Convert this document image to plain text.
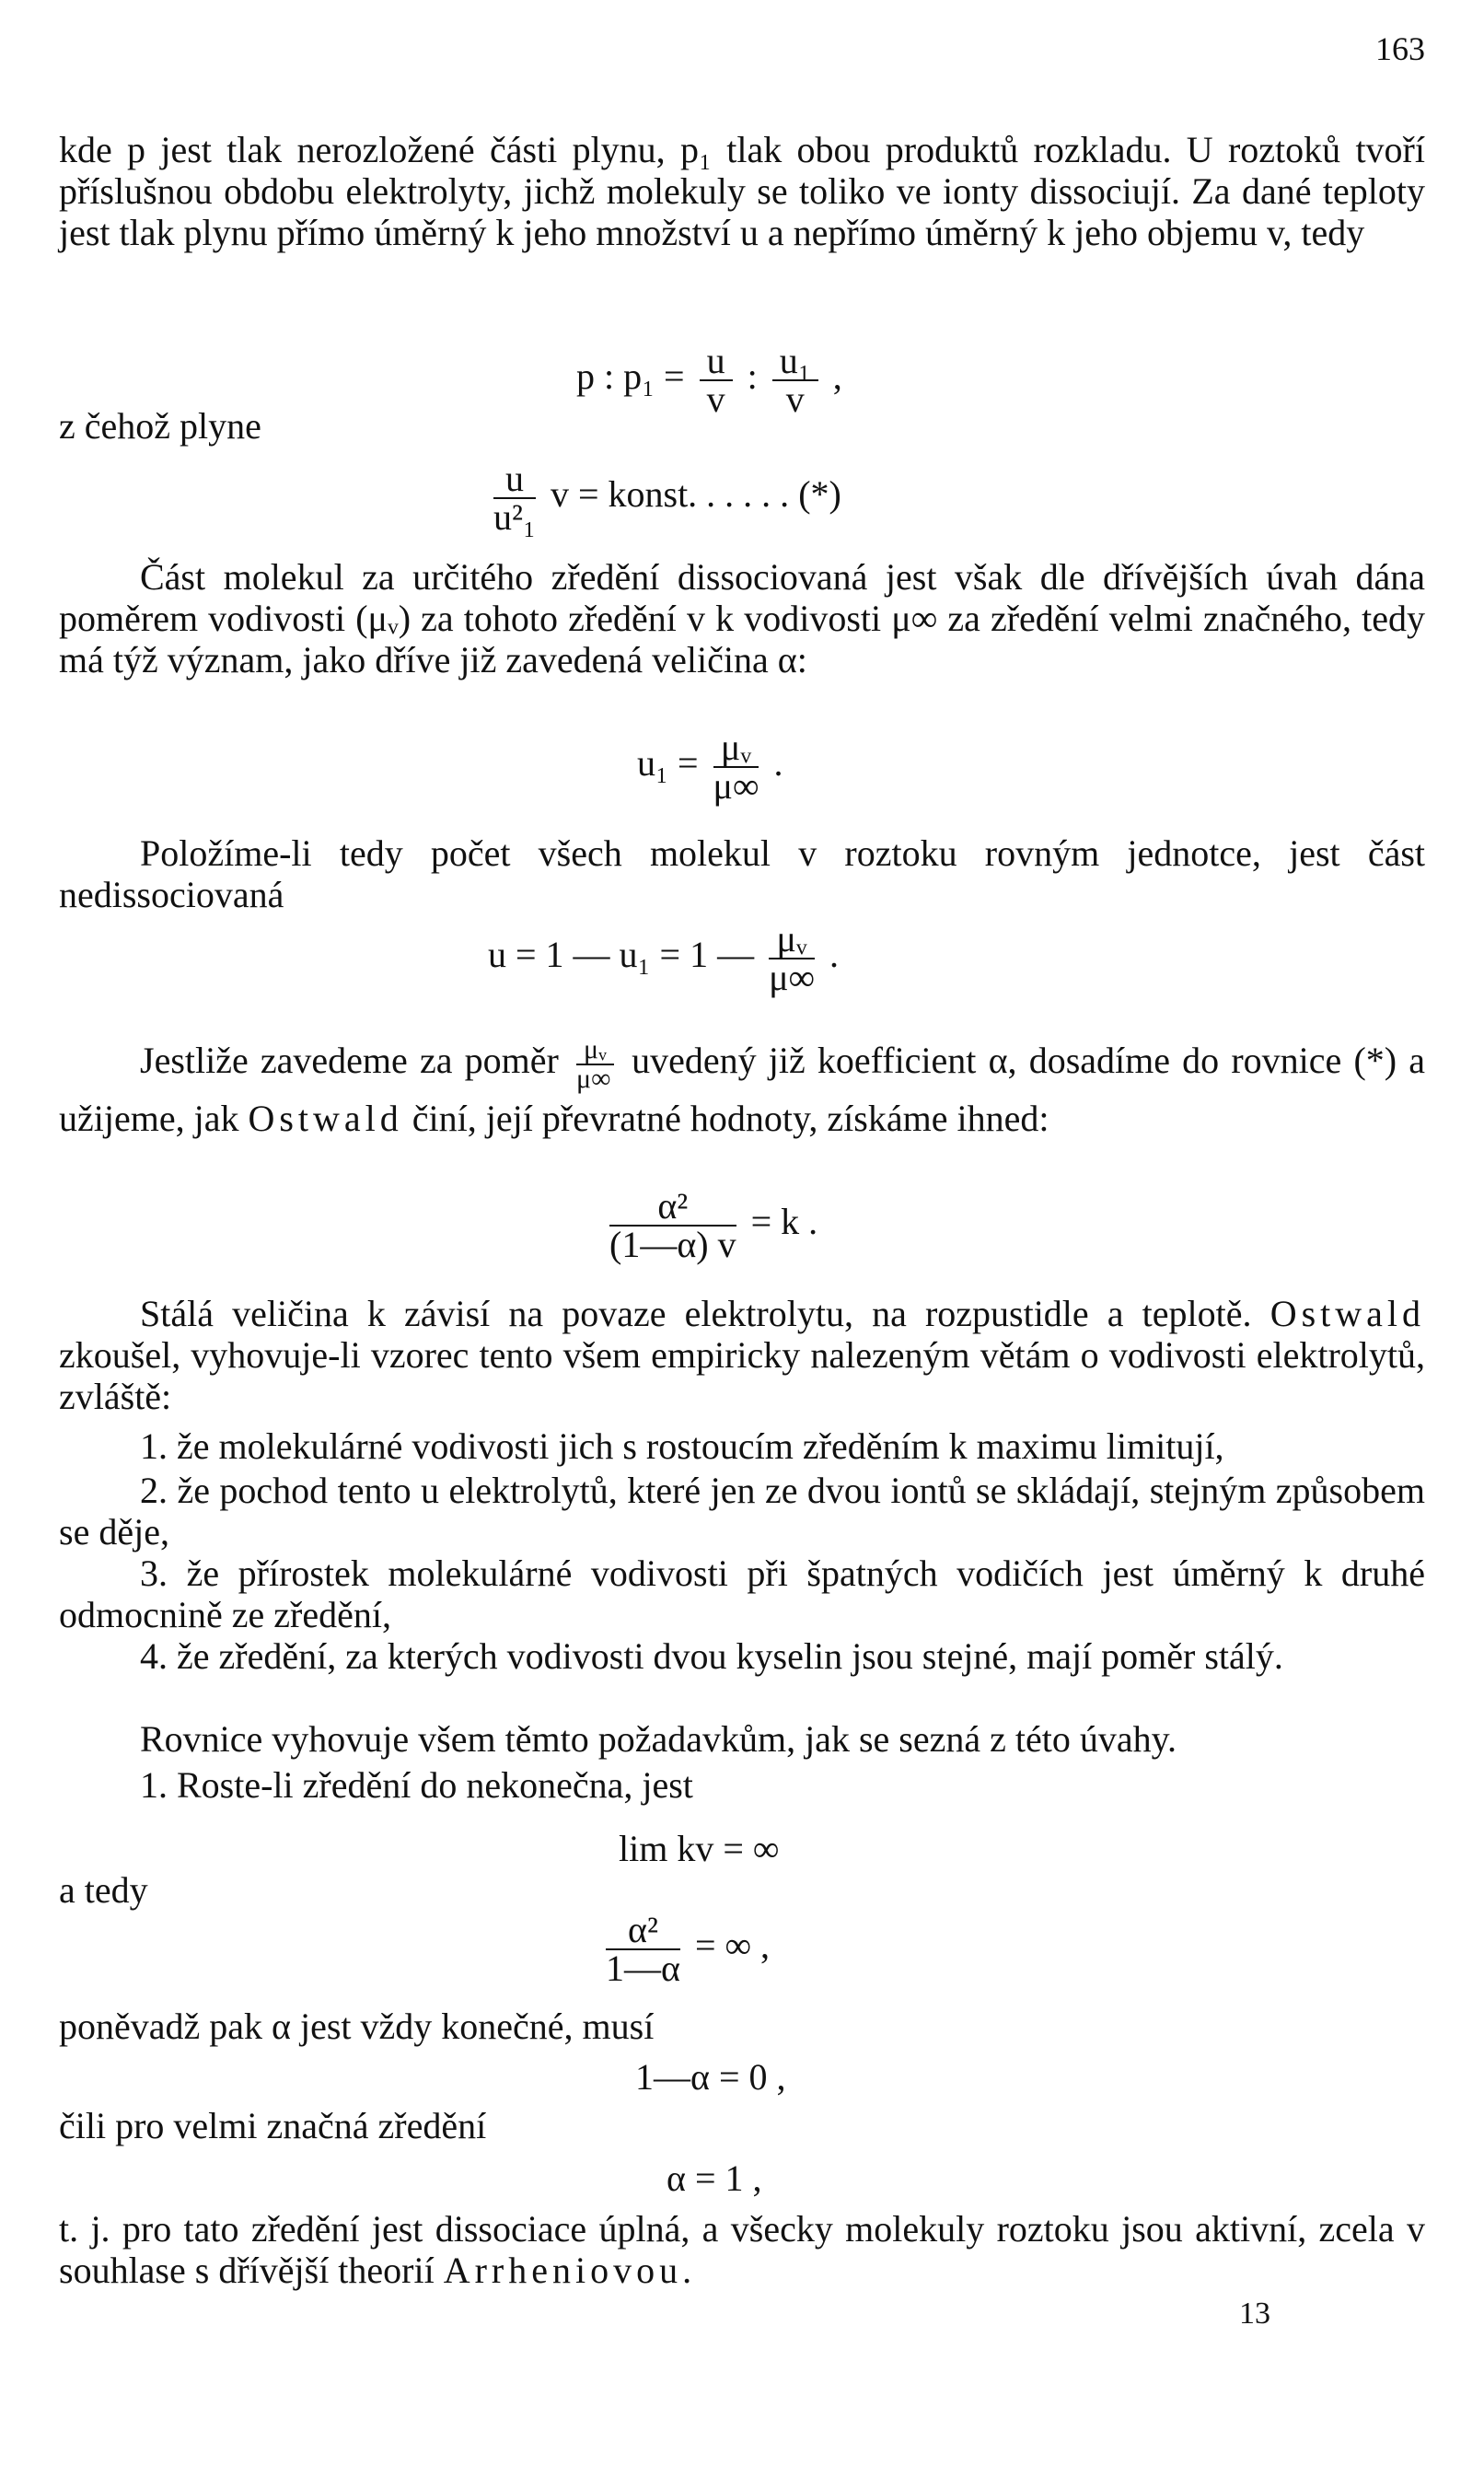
163

kde p jest tlak nerozložené části plynu, p₁ tlak obou produktů rozkladu. U roztoků tvoří příslušnou obdobu elektrolyty, jichž molekuly se toliko ve ionty dissociují. Za dané teploty jest tlak plynu přímo úměrný k jeho množství u a nepřímo úměrný k jeho objemu v, tedy

p : $p_1 = \frac{u}{v}$ : $\frac{\text{u₁}}{v}$ ,

z čehož plyne

$\frac{u}{\text{u²₁}}$ v = konst. . . . . . (*)

Část molekul za určitého zředění dissociovaná jest však dle dřívějších úvah dána poměrem vodivosti (μᵥ) za tohoto zředění v k vodivosti μ∞ za zředění velmi značného, tedy má týž význam, jako dříve již zavedená veličina α:

$u_1 = \frac{\text{μᵥ}}{\mu\infty}$ .

Položíme-li tedy počet všech molekul v roztoku rovným jednotce, jest část nedissociovaná

u = 1 — u₁ = 1 — $\frac{\text{μᵥ}}{\mu\infty}$ .

Jestliže zavedeme za poměr $\frac{\text{μᵥ}}{\mu\infty}$ uvedený již koefficient α, dosadíme do rovnice (*) a užijeme, jak Ostwald činí, její převratné hodnoty, získáme ihned:

$\frac{\text{α²}}{(1—\alpha) v} = k$ .

Stálá veličina k závisí na povaze elektrolytu, na rozpustidle a teplotě. Ostwald zkoušel, vyhovuje-li vzorec tento všem empiricky nalezeným větám o vodivosti elektrolytů, zvláště:

1. že molekulárné vodivosti jich s rostoucím zředěním k maximu limitují,

2. že pochod tento u elektrolytů, které jen ze dvou iontů se skládají, stejným způsobem se děje,

3. že přírostek molekulárné vodivosti při špatných vodičích jest úměrný k druhé odmocnině ze zředění,

4. že zředění, za kterých vodivosti dvou kyselin jsou stejné, mají poměr stálý.

Rovnice vyhovuje všem těmto požadavkům, jak se sezná z této úvahy.

1. Roste-li zředění do nekonečna, jest

lim kv = ∞

a tedy

$\frac{\text{α²}}{1—\alpha}$ = ∞ ,

poněvadž pak α jest vždy konečné, musí

1—α = 0 ,

čili pro velmi značná zředění

α = 1 ,

t. j. pro tato zředění jest dissociace úplná, a všecky molekuly roztoku jsou aktivní, zcela v souhlase s dřívější theorií Arrheniovou.

13
